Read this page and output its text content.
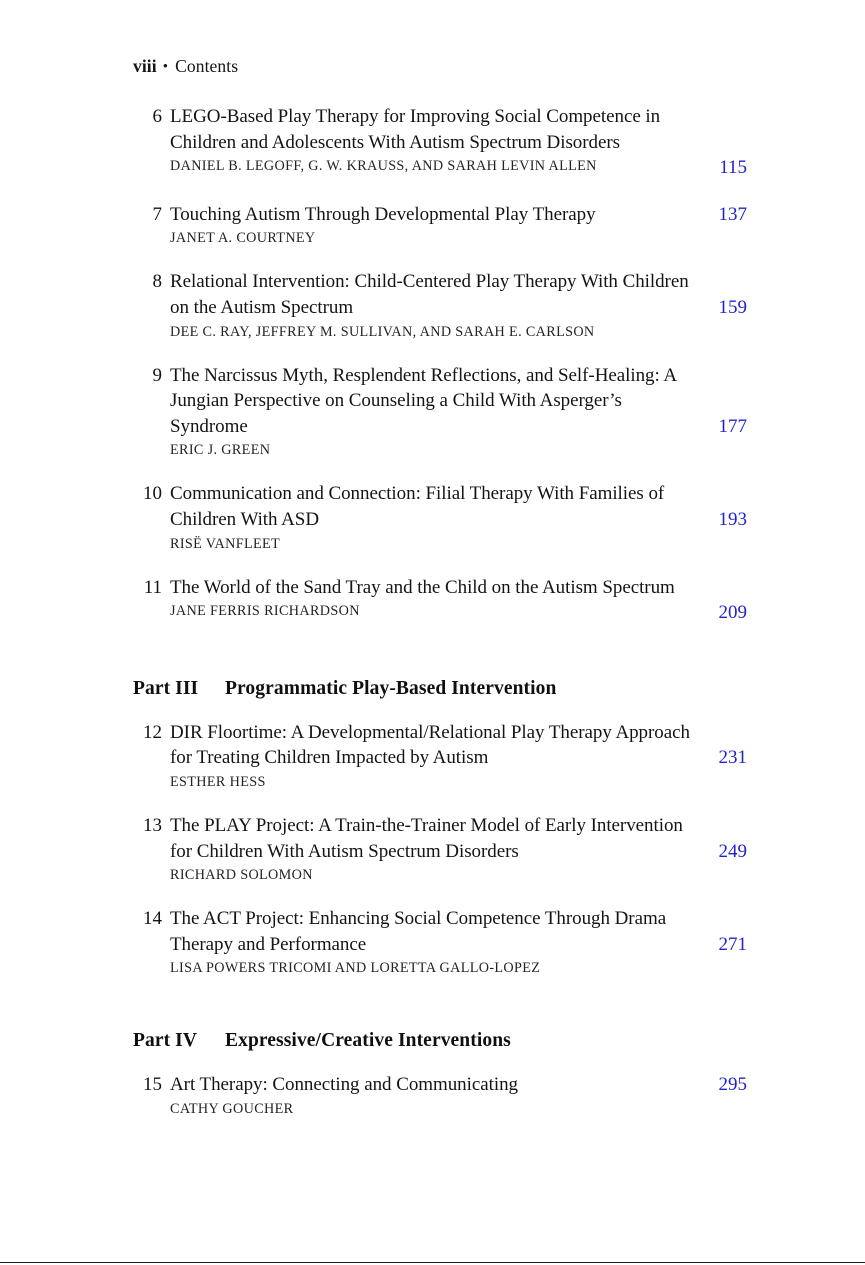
viii • Contents
6 LEGO-Based Play Therapy for Improving Social Competence in Children and Adolescents With Autism Spectrum Disorders
DANIEL B. LEGOFF, G. W. KRAUSS, AND SARAH LEVIN ALLEN	115
7 Touching Autism Through Developmental Play Therapy
JANET A. COURTNEY
137
8 Relational Intervention: Child-Centered Play Therapy With Children on the Autism Spectrum
DEE C. RAY, JEFFREY M. SULLIVAN, AND SARAH E. CARLSON
159
9 The Narcissus Myth, Resplendent Reflections, and Self-Healing: A Jungian Perspective on Counseling a Child With Asperger’s Syndrome
ERIC J. GREEN
177
10 Communication and Connection: Filial Therapy With Families of Children With ASD
RISË VANFLEET
193
11 The World of the Sand Tray and the Child on the Autism Spectrum
JANE FERRIS RICHARDSON	209
Part III	Programmatic Play-Based Intervention
12 DIR Floortime: A Developmental/Relational Play Therapy Approach for Treating Children Impacted by Autism
ESTHER HESS
231
13 The PLAY Project: A Train-the-Trainer Model of Early Intervention for Children With Autism Spectrum Disorders
RICHARD SOLOMON
249
14 The ACT Project: Enhancing Social Competence Through Drama Therapy and Performance
LISA POWERS TRICOMI AND LORETTA GALLO-LOPEZ
271
Part IV	Expressive/Creative Interventions
15 Art Therapy: Connecting and Communicating
CATHY GOUCHER
295
